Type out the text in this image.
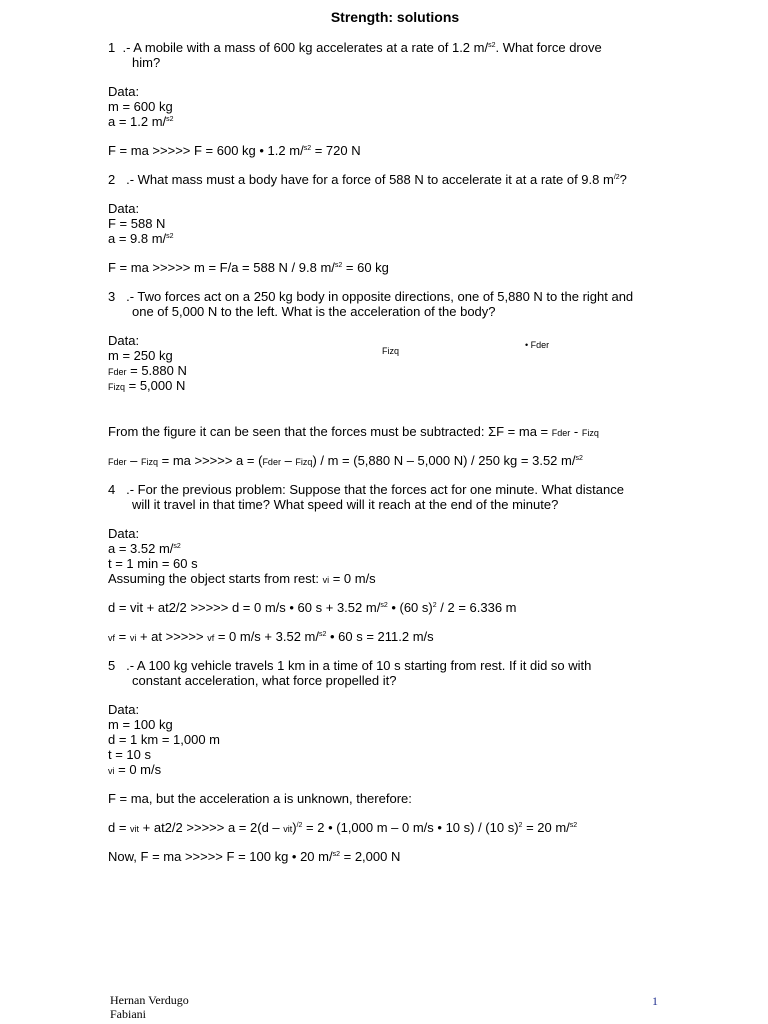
Strength: solutions
1 .- A mobile with a mass of 600 kg accelerates at a rate of 1.2 m/$^{s2}$. What force drove
him?
Data:
m = 600 kg
a = 1.2 m/$^{s2}$
F = ma >>>>> F = 600 kg • 1.2 m/$^{s2}$ = 720 N
2 .- What mass must a body have for a force of 588 N to accelerate it at a rate of 9.8 $m^{/2}$?
Data:
F = 588 N
a = 9.8 m/$^{s2}$
F = ma >>>>> m = F/a = 588 N / 9.8 m/$^{s2}$ = 60 kg
3 .- Two forces act on a 250 kg body in opposite directions, one of 5,880 N to the right and
one of 5,000 N to the left. What is the acceleration of the body?
Data:
m = 250 kg
Fder = 5.880 N
Fizq = 5,000 N
Fizq
• Fder
From the figure it can be seen that the forces must be subtracted: ΣF = ma = Fder - Fizq
Fder – Fizq = ma >>>>> a = (Fder – Fizq) / m = (5,880 N – 5,000 N) / 250 kg = 3.52 m/$^{s2}$
4 .- For the previous problem: Suppose that the forces act for one minute. What distance
will it travel in that time? What speed will it reach at the end of the minute?
Data:
a = 3.52 m/$^{s2}$
t = 1 min = 60 s
Assuming the object starts from rest: vi = 0 m/s
d = vit + at2/2 >>>>> d = 0 m/s • 60 s + 3.52 m/$^{s2}$ • (60 s)$^2$ / 2 = 6.336 m
vf = vi + at >>>>> vf = 0 m/s + 3.52 m/$^{s2}$ • 60 s = 211.2 m/s
5 .- A 100 kg vehicle travels 1 km in a time of 10 s starting from rest. If it did so with
constant acceleration, what force propelled it?
Data:
m = 100 kg
d = 1 km = 1,000 m
t = 10 s
vi = 0 m/s
F = ma, but the acceleration a is unknown, therefore:
d = vit + at2/2 >>>>> a = 2(d – vit)$^{/2}$ = 2 • (1,000 m – 0 m/s • 10 s) / (10 s)$^2$ = 20 m/$^{s2}$
Now, F = ma >>>>> F = 100 kg • 20 m/$^{s2}$ = 2,000 N
Hernan Verdugo
Fabiani
1
